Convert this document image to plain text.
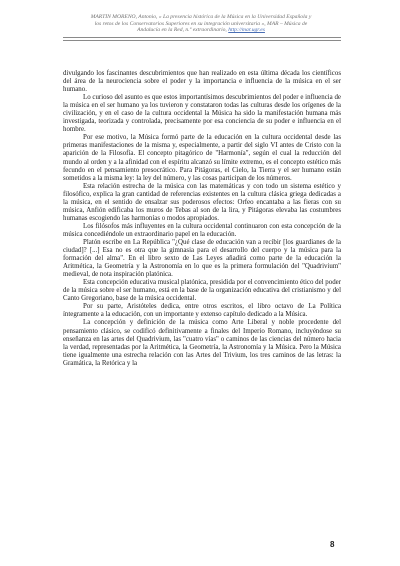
MARTÍN MORENO, Antonio, « La presencia histórica de la Música en la Universidad Española y
los retos de los Conservatorios Superiores en su integración universitaria », MAR – Música de
Andalucía en la Red, n.º extraordinario, http://mar.ugr.es

divulgando los fascinantes descubrimientos que han realizado en esta última década los científicos del área de la neurociencia sobre el poder y la importancia e influencia de la música en el ser humano.

Lo curioso del asunto es que estos importantísimos descubrimientos del poder e influencia de la música en el ser humano ya los tuvieron y constataron todas las culturas desde los orígenes de la civilización, y en el caso de la cultura occidental la Música ha sido la manifestación humana más investigada, teorizada y controlada, precisamente por esa conciencia de su poder e influencia en el hombre.

Por ese motivo, la Música formó parte de la educación en la cultura occidental desde las primeras manifestaciones de la misma y, especialmente, a partir del siglo VI antes de Cristo con la aparición de la Filosofía. El concepto pitagórico de "Harmonía", según el cual la reducción del mundo al orden y a la afinidad con el espíritu alcanzó su límite extremo, es el concepto estético más fecundo en el pensamiento presocrático. Para Pitágoras, el Cielo, la Tierra y el ser humano están sometidos a la misma ley: la ley del número, y las cosas participan de los números.

Esta relación estrecha de la música con las matemáticas y con todo un sistema estético y filosófico, explica la gran cantidad de referencias existentes en la cultura clásica griega dedicadas a la música, en el sentido de ensalzar sus poderosos efectos: Orfeo encantaba a las fieras con su música, Anfión edificaba los muros de Tebas al son de la lira, y Pitágoras elevaba las costumbres humanas escogiendo las harmonías o modos apropiados.

Los filósofos más influyentes en la cultura occidental continuaron con esta concepción de la música concediéndole un extraordinario papel en la educación.

Platón escribe en La República "¿Qué clase de educación van a recibir [los guardianes de la ciudad]? [...] Esa no es otra que la gimnasia para el desarrollo del cuerpo y la música para la formación del alma". En el libro sexto de Las Leyes añadirá como parte de la educación la Aritmética, la Geometría y la Astronomía en lo que es la primera formulación del "Quadrivium" medieval, de nota inspiración platónica.

Esta concepción educativa musical platónica, presidida por el convencimiento ético del poder de la música sobre el ser humano, está en la base de la organización educativa del cristianismo y del Canto Gregoriano, base de la música occidental.

Por su parte, Aristóteles dedica, entre otros escritos, el libro octavo de La Política íntegramente a la educación, con un importante y extenso capítulo dedicado a la Música.

La concepción y definición de la música como Arte Liberal y noble procedente del pensamiento clásico, se codificó definitivamente a finales del Imperio Romano, incluyéndose su enseñanza en las artes del Quadrivium, las "cuatro vías" o caminos de las ciencias del número hacia la verdad, representadas por la Aritmética, la Geometría, la Astronomía y la Música. Pero la Música tiene igualmente una estrecha relación con las Artes del Trivium, los tres caminos de las letras: la Gramática, la Retórica y la

8
